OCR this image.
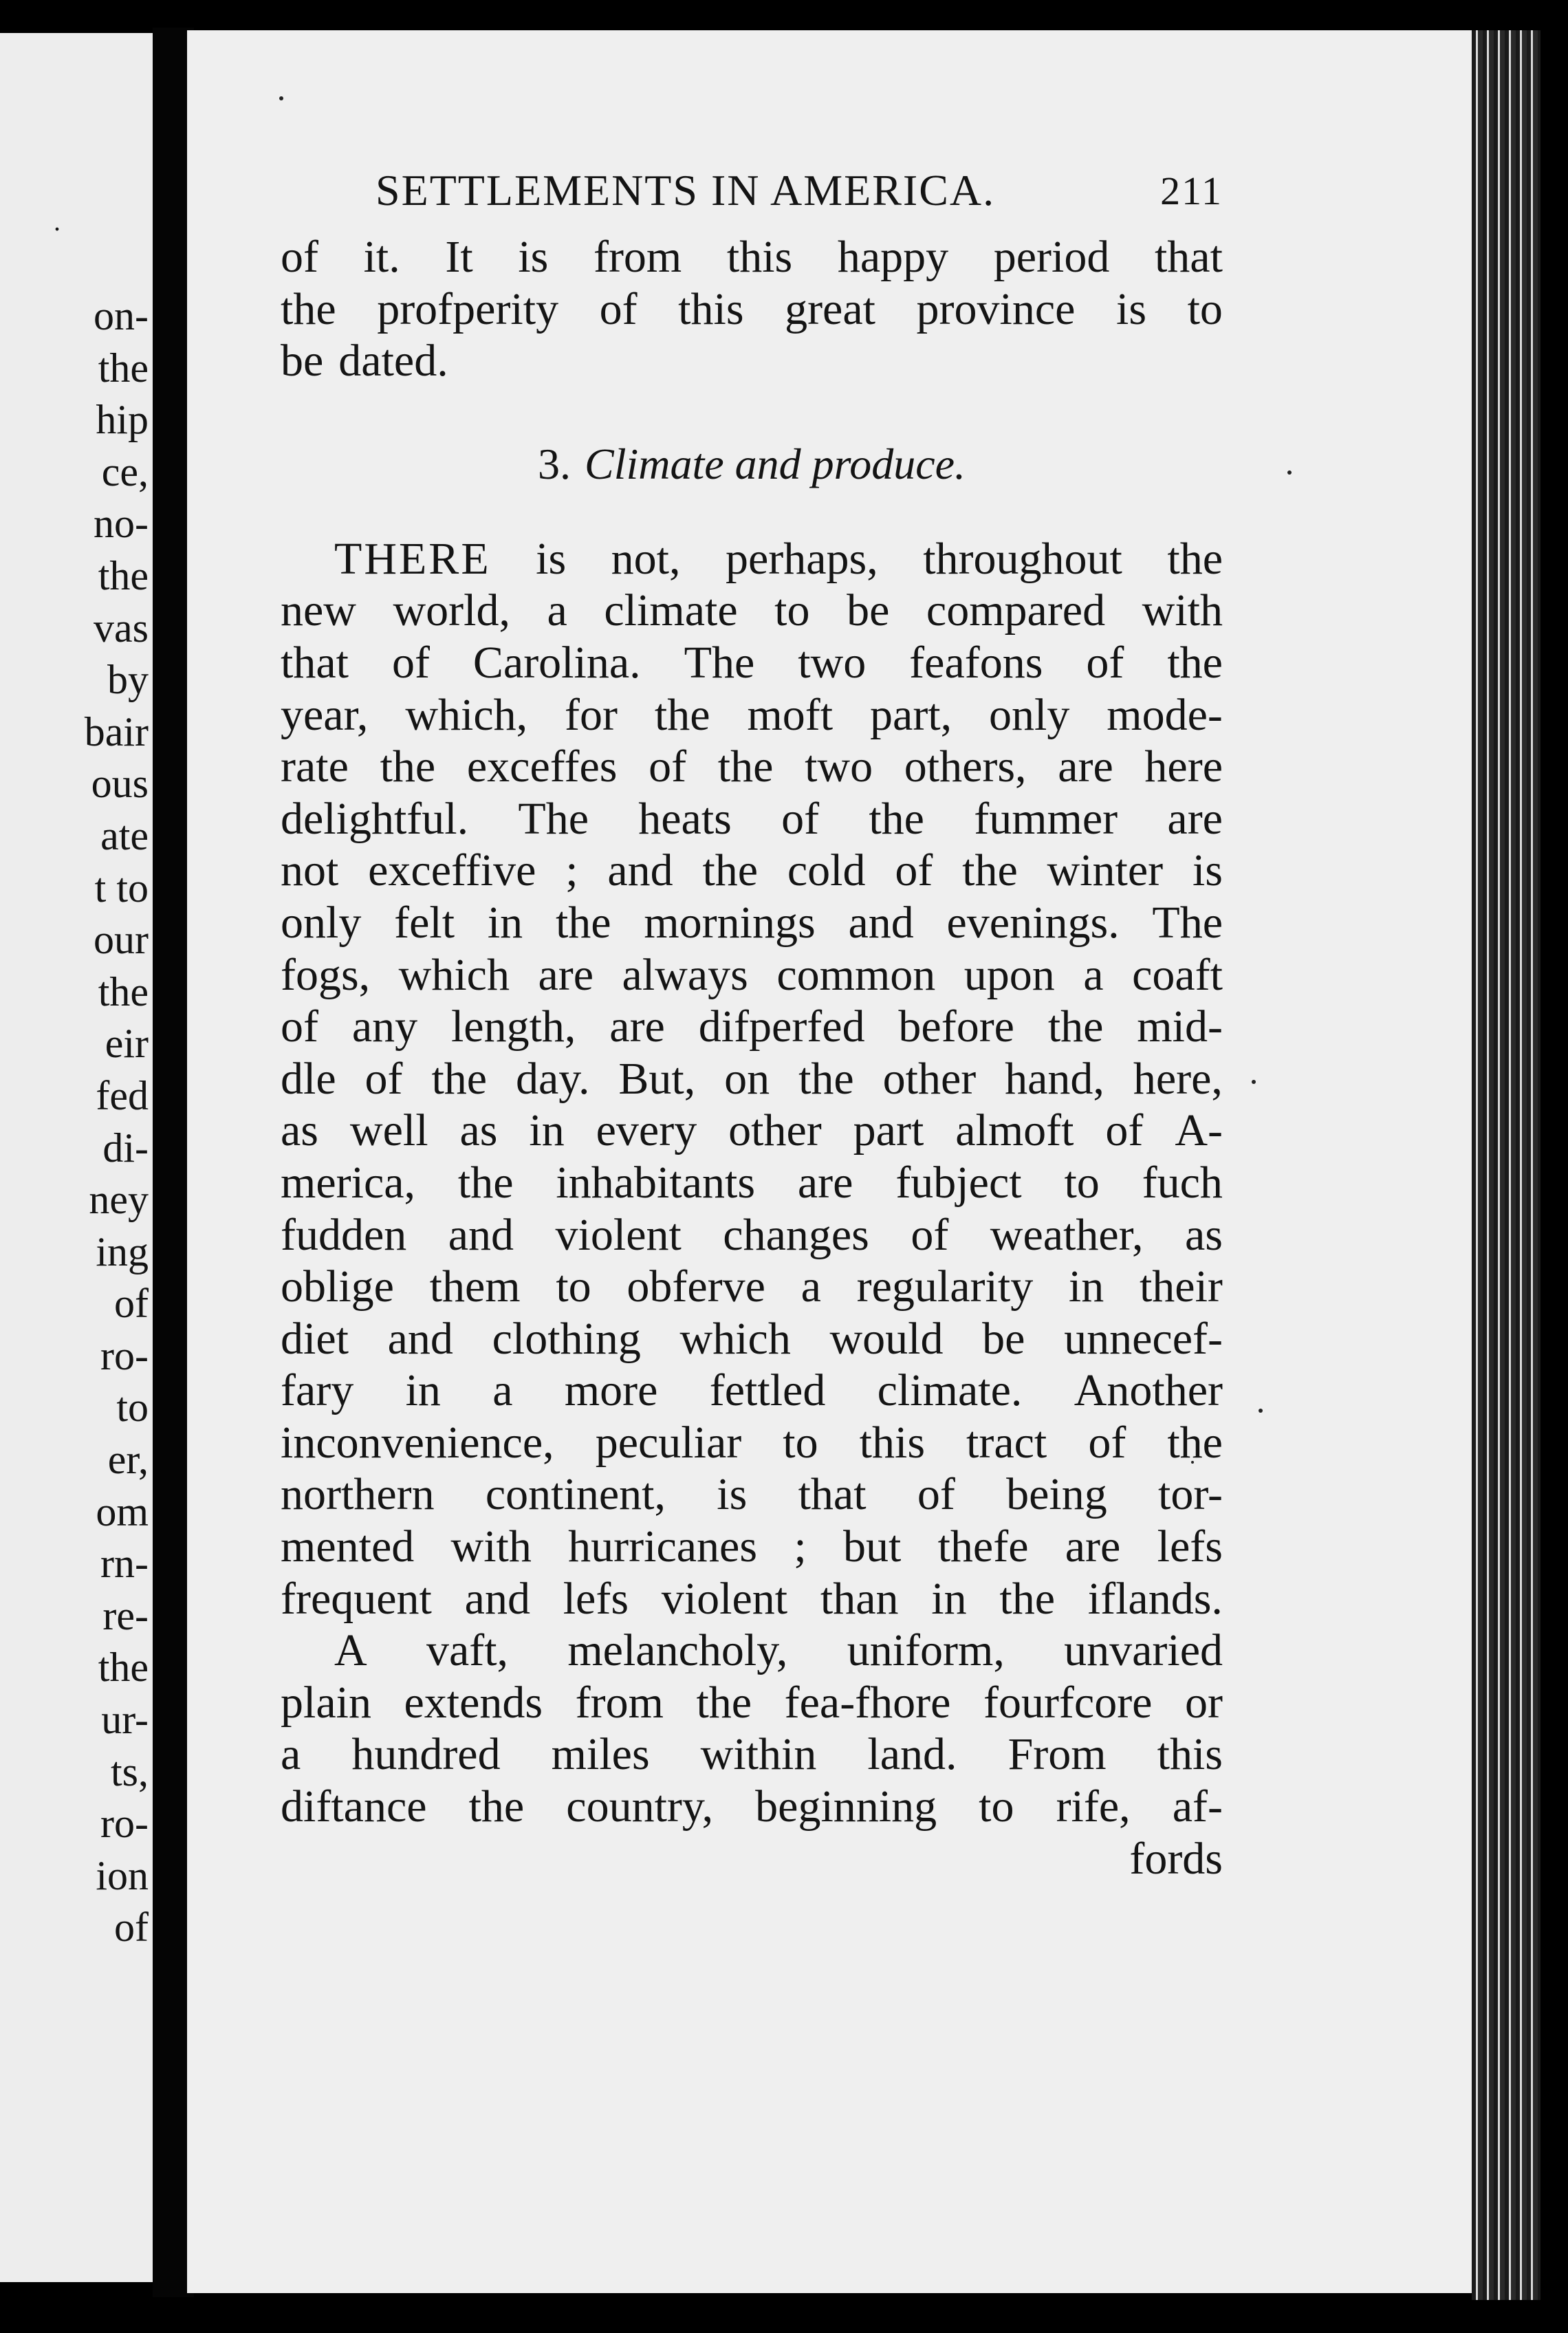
.
on-
the
hip
ce,
no-
the
vas
by
bair
ous
ate
t to
our
the
eir
fed
di-
ney
ing
of
ro-
to
er,
om
rn-
re-
the
ur-
ts,
ro-
ion
of
SETTLEMENTS IN AMERICA.	211
of it. It is from this happy period that
the profperity of this great province is to
be dated.
3. Climate and produce.
THERE is not, perhaps, throughout the
new world, a climate to be compared with
that of Carolina. The two feafons of the
year, which, for the moft part, only mode-
rate the exceffes of the two others, are here
delightful. The heats of the fummer are
not exceffive ; and the cold of the winter is
only felt in the mornings and evenings. The
fogs, which are always common upon a coaft
of any length, are difperfed before the mid-
dle of the day. But, on the other hand, here,
as well as in every other part almoft of A-
merica, the inhabitants are fubject to fuch
fudden and violent changes of weather, as
oblige them to obferve a regularity in their
diet and clothing which would be unnecef-
fary in a more fettled climate. Another
inconvenience, peculiar to this tract of the
northern continent, is that of being tor-
mented with hurricanes ; but thefe are lefs
frequent and lefs violent than in the iflands.
A vaft, melancholy, uniform, unvaried
plain extends from the fea-fhore fourfcore or
a hundred miles within land. From this
diftance the country, beginning to rife, af-
fords
